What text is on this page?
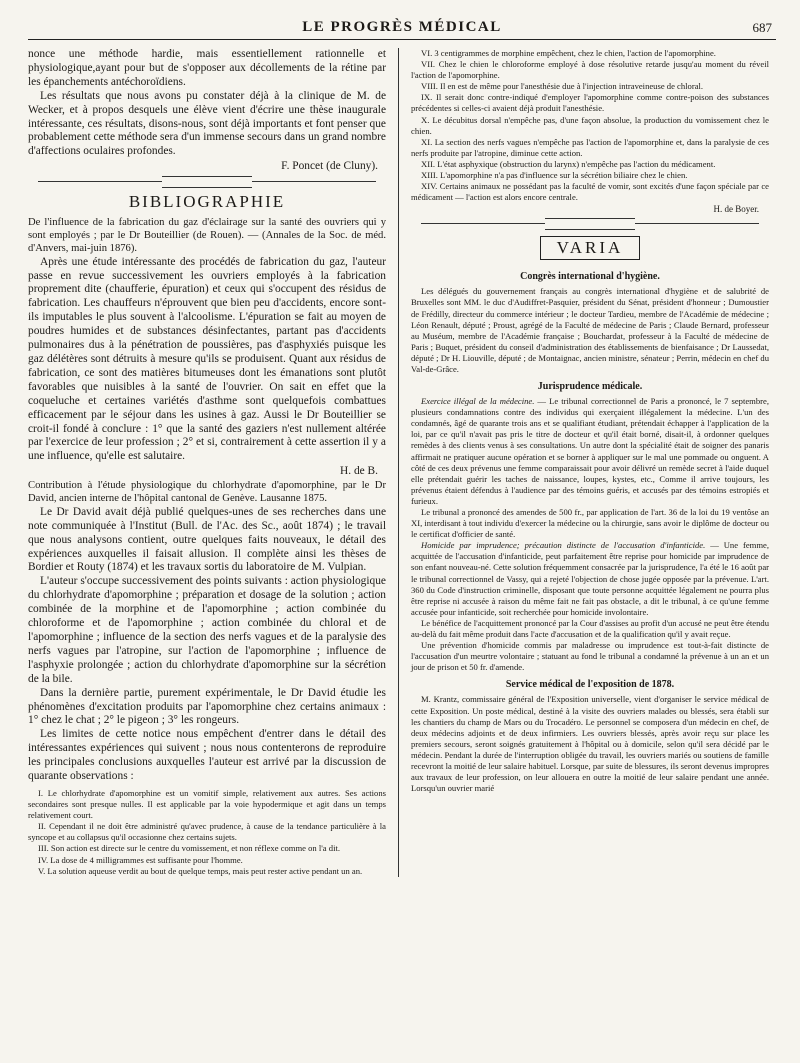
LE PROGRÈS MÉDICAL	687

nonce une méthode hardie, mais essentiellement rationnelle et physiologique,ayant pour but de s'opposer aux décollements de la rétine par les épanchements antéchoroïdiens.

Les résultats que nous avons pu constater déjà à la clinique de M. de Wecker, et à propos desquels une élève vient d'écrire une thèse inaugurale intéressante, ces résultats, disons-nous, sont déjà importants et font penser que probablement cette méthode sera d'un immense secours dans un grand nombre d'affections oculaires profondes.

F. Poncet (de Cluny).

BIBLIOGRAPHIE

De l'influence de la fabrication du gaz d'éclairage sur la santé des ouvriers qui y sont employés ; par le Dr Bouteillier (de Rouen). — (Annales de la Soc. de méd. d'Anvers, mai-juin 1876).

Après une étude intéressante des procédés de fabrication du gaz, l'auteur passe en revue successivement les ouvriers employés à la fabrication proprement dite (chaufferie, épuration) et ceux qui s'occupent des résidus de fabrication. Les chauffeurs n'éprouvent que bien peu d'accidents, encore sont-ils imputables le plus souvent à l'alcoolisme. L'épuration se fait au moyen de poudres humides et de substances désinfectantes, partant pas d'accidents pulmonaires dus à la pénétration de poussières, pas d'asphyxiés puisque les gaz délétères sont détruits à mesure qu'ils se produisent. Quant aux résidus de fabrication, ce sont des matières bitumeuses dont les émanations sont plutôt favorables que nuisibles à la santé de l'ouvrier. On sait en effet que la coqueluche et certaines variétés d'asthme sont quelquefois combattues efficacement par le séjour dans les usines à gaz. Aussi le Dr Bouteillier se croit-il fondé à conclure : 1° que la santé des gaziers n'est nullement altérée par l'exercice de leur profession ; 2° et si, contrairement à cette assertion il y a une influence, qu'elle est salutaire.

H. de B.

Contribution à l'étude physiologique du chlorhydrate d'apomorphine, par le Dr David, ancien interne de l'hôpital cantonal de Genève. Lausanne 1875.

Le Dr David avait déjà publié quelques-unes de ses recherches dans une note communiquée à l'Institut (Bull. de l'Ac. des Sc., août 1874) ; le travail que nous analysons contient, outre quelques faits nouveaux, le détail des expériences auxquelles il faisait allusion. Il complète ainsi les thèses de Bordier et Routy (1874) et les travaux sortis du laboratoire de M. Vulpian.

L'auteur s'occupe successivement des points suivants : action physiologique du chlorhydrate d'apomorphine ; préparation et dosage de la solution ; action combinée de la morphine et de l'apomorphine ; action combinée du chloroforme et de l'apomorphine ; action combinée du chloral et de l'apomorphine ; influence de la section des nerfs vagues et de la paralysie des nerfs vagues par l'atropine, sur l'action de l'apomorphine ; influence de l'asphyxie prolongée ; action du chlorhydrate d'apomorphine sur la sécrétion de la bile.

Dans la dernière partie, purement expérimentale, le Dr David étudie les phénomènes d'excitation produits par l'apomorphine chez certains animaux : 1° chez le chat ; 2° le pigeon ; 3° les rongeurs.

Les limites de cette notice nous empêchent d'entrer dans le détail des intéressantes expériences qui suivent ; nous nous contenterons de reproduire les principales conclusions auxquelles l'auteur est arrivé par la discussion de quarante observations :

I. Le chlorhydrate d'apomorphine est un vomitif simple, relativement aux autres. Ses actions secondaires sont presque nulles. Il est applicable par la voie hypodermique et agit dans un temps relativement court.

II. Cependant il ne doit être administré qu'avec prudence, à cause de la tendance particulière à la syncope et au collapsus qu'il occasionne chez certains sujets.

III. Son action est directe sur le centre du vomissement, et non réflexe comme on l'a dit.

IV. La dose de 4 milligrammes est suffisante pour l'homme.

V. La solution aqueuse verdit au bout de quelque temps, mais peut rester active pendant un an.

VI. 3 centigrammes de morphine empêchent, chez le chien, l'action de l'apomorphine.

VII. Chez le chien le chloroforme employé à dose résolutive retarde jusqu'au moment du réveil l'action de l'apomorphine.

VIII. Il en est de même pour l'anesthésie due à l'injection intraveineuse de chloral.

IX. Il serait donc contre-indiqué d'employer l'apomorphine comme contre-poison des substances précédentes si celles-ci avaient déjà produit l'anesthésie.

X. Le décubitus dorsal n'empêche pas, d'une façon absolue, la production du vomissement chez le chien.

XI. La section des nerfs vagues n'empêche pas l'action de l'apomorphine et, dans la paralysie de ces nerfs produite par l'atropine, diminue cette action.

XII. L'état asphyxique (obstruction du larynx) n'empêche pas l'action du médicament.

XIII. L'apomorphine n'a pas d'influence sur la sécrétion biliaire chez le chien.

XIV. Certains animaux ne possédant pas la faculté de vomir, sont excités d'une façon spéciale par ce médicament — l'action est alors encore centrale.

H. de Boyer.

VARIA
Congrès international d'hygiène.

Les délégués du gouvernement français au congrès international d'hygiène et de salubrité de Bruxelles sont MM. le duc d'Audiffret-Pasquier, président du Sénat, président d'honneur ; Dumoustier de Frédilly, directeur du commerce intérieur ; le docteur Tardieu, membre de l'Académie de médecine ; Léon Renault, député ; Proust, agrégé de la Faculté de médecine de Paris ; Claude Bernard, professeur au Muséum, membre de l'Académie française ; Bouchardat, professeur à la Faculté de médecine de Paris ; Buquet, président du conseil d'administration des établissements de bienfaisance ; Dr Laussedat, député ; Dr H. Liouville, député ; de Montaignac, ancien ministre, sénateur ; Perrin, médecin en chef du Val-de-Grâce.

Jurisprudence médicale.

Exercice illégal de la médecine. — Le tribunal correctionnel de Paris a prononcé, le 7 septembre, plusieurs condamnations contre des individus qui exerçaient illégalement la médecine. L'un des condamnés, âgé de quarante trois ans et se qualifiant étudiant, prétendait échapper à l'application de la loi, par ce qu'il n'avait pas pris le titre de docteur et qu'il était borné, disait-il, à ordonner quelques remèdes à des clients venus à ses consultations. Un autre dont la spécialité était de soigner des panaris affirmait ne pratiquer aucune opération et se borner à appliquer sur le mal une pommade ou onguent. A côté de ces deux prévenus une femme comparaissait pour avoir délivré un remède secret à l'aide duquel elle prétendait guérir les taches de naissance, loupes, kystes, etc., Comme il arrive toujours, les prévenus étaient défendus à l'audience par des témoins guéris, et accusés par des témoins estropiés et furieux.

Le tribunal a prononcé des amendes de 500 fr., par application de l'art. 36 de la loi du 19 ventôse an XI, interdisant à tout individu d'exercer la médecine ou la chirurgie, sans avoir le diplôme de docteur ou le certificat d'officier de santé.

Homicide par imprudence; précaution distincte de l'accusation d'infanticide. — Une femme, acquittée de l'accusation d'infanticide, peut parfaitement être reprise pour homicide par imprudence de son enfant nouveau-né. Cette solution fréquemment consacrée par la jurisprudence, l'a été le 16 août par le tribunal correctionnel de Vassy, qui a rejeté l'objection de chose jugée opposée par la prévenue. L'art. 360 du Code d'instruction criminelle, disposant que toute personne acquittée légalement ne pourra plus être reprise ni accusée à raison du même fait ne fait pas obstacle, a dit le tribunal, à ce qu'une femme accusée pour infanticide, soit recherchée pour homicide involontaire.

Le bénéfice de l'acquittement prononcé par la Cour d'assises au profit d'un accusé ne peut être étendu au-delà du fait même produit dans l'acte d'accusation et de la qualification qu'il y avait reçue.

Une prévention d'homicide commis par maladresse ou imprudence est tout-à-fait distincte de l'accusation d'un meurtre volontaire ; statuant au fond le tribunal a condamné la prévenue à un an et un jour de prison et 50 fr. d'amende.

Service médical de l'exposition de 1878.

M. Krantz, commissaire général de l'Exposition universelle, vient d'organiser le service médical de cette Exposition. Un poste médical, destiné à la visite des ouvriers malades ou blessés, sera établi sur les chantiers du champ de Mars ou du Trocadéro. Le personnel se composera d'un médecin en chef, de deux médecins adjoints et de deux infirmiers. Les ouvriers blessés, après avoir reçu sur place les premiers secours, seront soignés gratuitement à l'hôpital ou à domicile, selon qu'il sera décidé par le médecin. Pendant la durée de l'interruption obligée du travail, les ouvriers mariés ou soutiens de famille recevront la moitié de leur salaire habituel. Lorsque, par suite de blessures, ils seront devenus impropres aux travaux de leur profession, on leur allouera en outre la moitié de leur salaire pendant une année. Lorsqu'un ouvrier marié
